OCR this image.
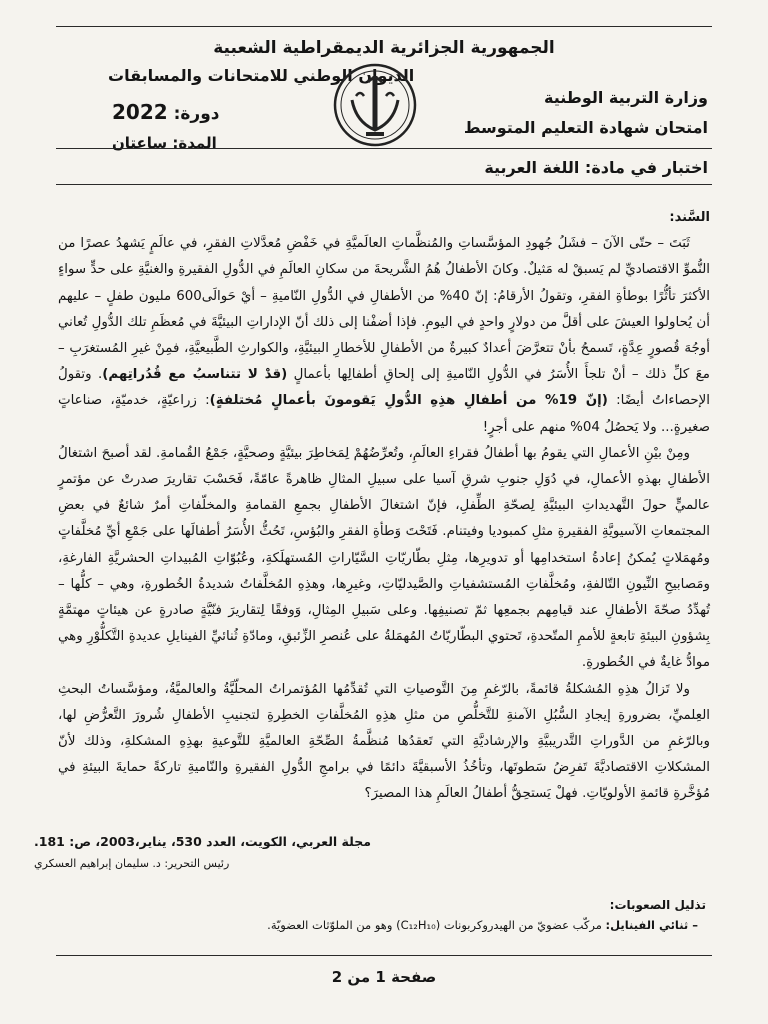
الجمهورية الجزائرية الديمقراطية الشعبية
وزارة التربية الوطنية
امتحان شهادة التعليم المتوسط
الديوان الوطني للامتحانات والمسابقات
دورة: 2022
المدة: ساعتان
اختبار في مادة: اللغة العربية
السَّند:

ثَبَتَ – حتّى الآنَ – فشَلُ جُهودِ المؤسَّساتِ والمُنظَّماتِ العالَميَّةِ في خَفْضِ مُعدَّلاتِ الفقرِ، في عالَمٍ يَشهدُ عصرًا من النُّموِّ الاقتصاديِّ لم يَسبقْ له مَثيلٌ. وكانَ الأطفالُ هُمُ الشَّريحةَ من سكانِ العالَمِ في الدُّولِ الفقيرةِ والغنيَّةِ على حدٍّ سواءٍ الأكثرَ تأثُّرًا بوطأةِ الفقرِ، وتقولُ الأرقامُ: إنّ 40% من الأطفالِ في الدُّولِ النّاميةِ – أيْ حَوالَى600 مليون طفلٍ – عليهم أن يُحاولوا العيشَ على أقلَّ من دولارٍ واحدٍ في اليومِ. فإذا أضفْنا إلى ذلك أنّ الإداراتِ البيئيَّةَ في مُعظَمِ تلك الدُّولِ تُعاني أوجُهَ قُصورٍ عِدَّةٍ، تَسمحُ بأنْ تتعرَّضَ أعدادٌ كبيرةٌ من الأطفالِ للأخطارِ البيئيَّةِ، والكوارثِ الطَّبيعيَّةِ، فمِنْ غيرِ المُستغرَبِ – معَ كلِّ ذلك – أنْ تلجأَ الأُسَرُ في الدُّولِ النّاميةِ إلى إلحاقِ أطفالِها بأعمالٍ (قدْ لا تتناسبُ مع قُدُراتِهم). وتقولُ الإحصاءاتُ أيضًا: (إنّ 19% من أطفالِ هذِهِ الدُّولِ يَقومونَ بأعمالٍ مُختلفةٍ): زراعيّةٍ، خدميّةٍ، صناعاتٍ صغيرةٍ... ولا يَحصُلُ 04% منهم على أجرٍ!

ومِنْ بيْنِ الأعمالِ التي يقومُ بها أطفالُ فقراءِ العالَمِ، وتُعرِّضُهُمْ لِمَخاطِرَ بيئيَّةٍ وصحيَّةٍ، جَمْعُ القُمامةِ. لقد أصبحَ اشتغالُ الأطفالِ بهذهِ الأعمالِ، في دُوَلِ جنوبِ شرقِ آسيا على سبيلِ المثالِ ظاهرةً عامّةً، فَحَسْبَ تقاريرَ صدرتْ عن مؤتمرٍ عالميٍّ حولَ التَّهديداتِ البيئيَّةِ لِصحّةِ الطِّفلِ، فإنّ اشتغالَ الأطفالِ بجمعِ القمامةِ والمخلّفاتِ أمرٌ شائعٌ في بعضِ المجتمعاتِ الآسيويَّةِ الفقيرةِ مثلِ كمبوديا وفيتنام. فَتَحْتَ وَطأةِ الفقرِ والبُؤسِ، تَحُثُّ الأُسَرُ أطفالَها على جَمْعِ أيِّ مُخلَّفاتٍ ومُهمَلاتٍ يُمكنُ إعادةُ استخدامِها أو تدويرِها، مِثلِ بطّاريّاتِ السَّيّاراتِ المُستهلَكةِ، وعُبُوّاتِ المُبيداتِ الحشريَّةِ الفارغةِ، ومَصابيحِ النِّيونِ التّالفةِ، ومُخلَّفاتِ المُستشفياتِ والصَّيدليّاتِ، وغيرِها، وهذِهِ المُخلَّفاتُ شديدةُ الخُطورةِ، وهي – كلُّها – تُهدِّدُ صحّةَ الأطفالِ عند قيامِهم بجمعِها ثمّ تصنيفِها. وعلى سَبيلِ المِثالِ، وَوفقًا لِتقاريرَ فنّيَّةٍ صادرةٍ عن هيئاتٍ مهتمَّةٍ بِشؤونِ البيئةِ تابعةٍ للأممِ المتّحدةِ، تَحتوي البطّاريّاتُ المُهمَلةُ على عُنصرِ الزِّئبقِ، ومادّةِ ثُنائيِّ الفينايلِ عديدةِ التَّكلُّوْرِ وهي موادُّ غايةٌ في الخُطورةِ.

ولا تَزالُ هذِهِ المُشكلةُ قائمةً، بالرّغمِ مِنَ التَّوصياتِ التي تُقدِّمُها المُؤتمراتُ المحلّيَّةُ والعالميَّةُ، ومؤسَّساتُ البحثِ العِلميِّ، بضرورةِ إيجادِ السُّبُلِ الآمنةِ للتَّخلُّصِ من مثلِ هذِهِ المُخلَّفاتِ الخطِرةِ لتجنيبِ الأطفالِ شُرورَ التَّعرُّضِ لها، وبالرّغمِ من الدَّوراتِ التَّدريبيَّةِ والإرشاديَّةِ التي تَعقدُها مُنظَّمةُ الصِّحّةِ العالميَّةِ للتَّوعيةِ بهذِهِ المشكلةِ، وذلك لأنّ المشكلاتِ الاقتصاديَّةَ تَفرِضُ سَطوتَها، وتأخُذُ الأسبقيَّةَ دائمًا في برامجِ الدُّولِ الفقيرةِ والنّاميةِ تاركةً حمايةَ البيئةِ في مُؤخَّرةِ قائمةِ الأولويّاتِ. فهلْ يَستحِقُّ أطفالُ العالَمِ هذا المصيرَ؟

مجلة العربي، الكويت، العدد 530، يناير،2003، ص: 181.
رئيس التحرير: د. سليمان إبراهيم العسكري
تذليل الصعوبات:
– ثنائي الفينايل: مركّب عضويّ من الهيدروكربونات (C₁₂H₁₀) وهو من الملوّثات العضويّة.
صفحة 1 من 2
